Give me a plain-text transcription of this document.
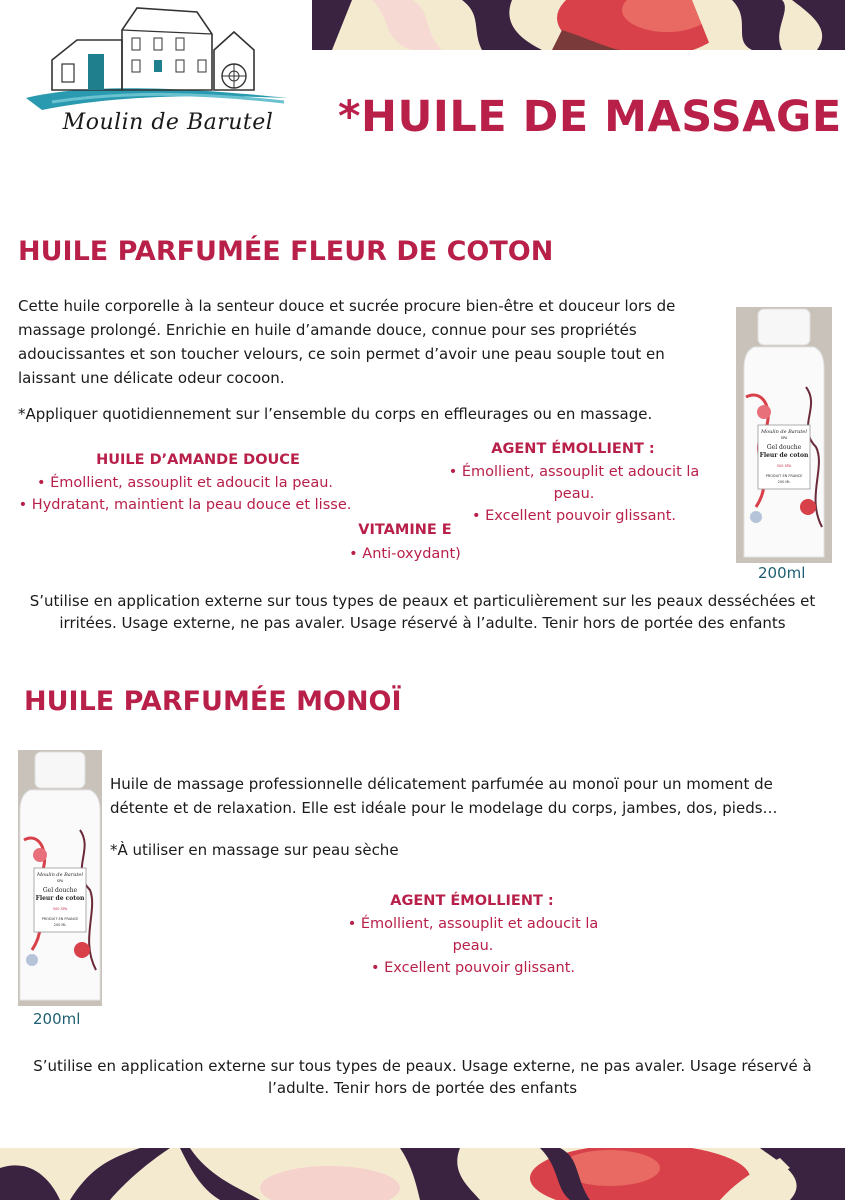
Moulin de Barutel	*HUILE DE MASSAGE
HUILE PARFUMÉE FLEUR DE COTON
Cette huile corporelle à la senteur douce et sucrée procure bien-être et douceur lors de massage prolongé. Enrichie en huile d’amande douce, connue pour ses propriétés adoucissantes et son toucher velours, ce soin permet d’avoir une peau souple tout en laissant une délicate odeur cocoon.
*Appliquer quotidiennement sur l’ensemble du corps en effleurages ou en massage.
HUILE D’AMANDE DOUCE
• Émollient, assouplit et adoucit la peau.
• Hydratant, maintient la peau douce et lisse.
AGENT ÉMOLLIENT :
• Émollient, assouplit et adoucit la peau.
• Excellent pouvoir glissant.
VITAMINE E
• Anti-oxydant)
Moulin de Barutel
SPA
Gel douche
Fleur de coton
500 SPA
PRODUIT EN FRANCE
200 ML
200ml
S’utilise en application externe sur tous types de peaux et particulièrement sur les peaux desséchées et irritées. Usage externe, ne pas avaler. Usage réservé à l’adulte. Tenir hors de portée des enfants
HUILE PARFUMÉE MONOÏ
Moulin de Barutel
SPA
Gel douche
Fleur de coton
500 SPA
PRODUIT EN FRANCE
200 ML
200ml
Huile de massage professionnelle délicatement parfumée au monoï pour un moment de détente et de relaxation. Elle est idéale pour le modelage du corps, jambes, dos, pieds…
*À utiliser en massage sur peau sèche
AGENT ÉMOLLIENT :
• Émollient, assouplit et adoucit la peau.
• Excellent pouvoir glissant.
S’utilise en application externe sur tous types de peaux. Usage externe, ne pas avaler. Usage réservé à l’adulte. Tenir hors de portée des enfants
